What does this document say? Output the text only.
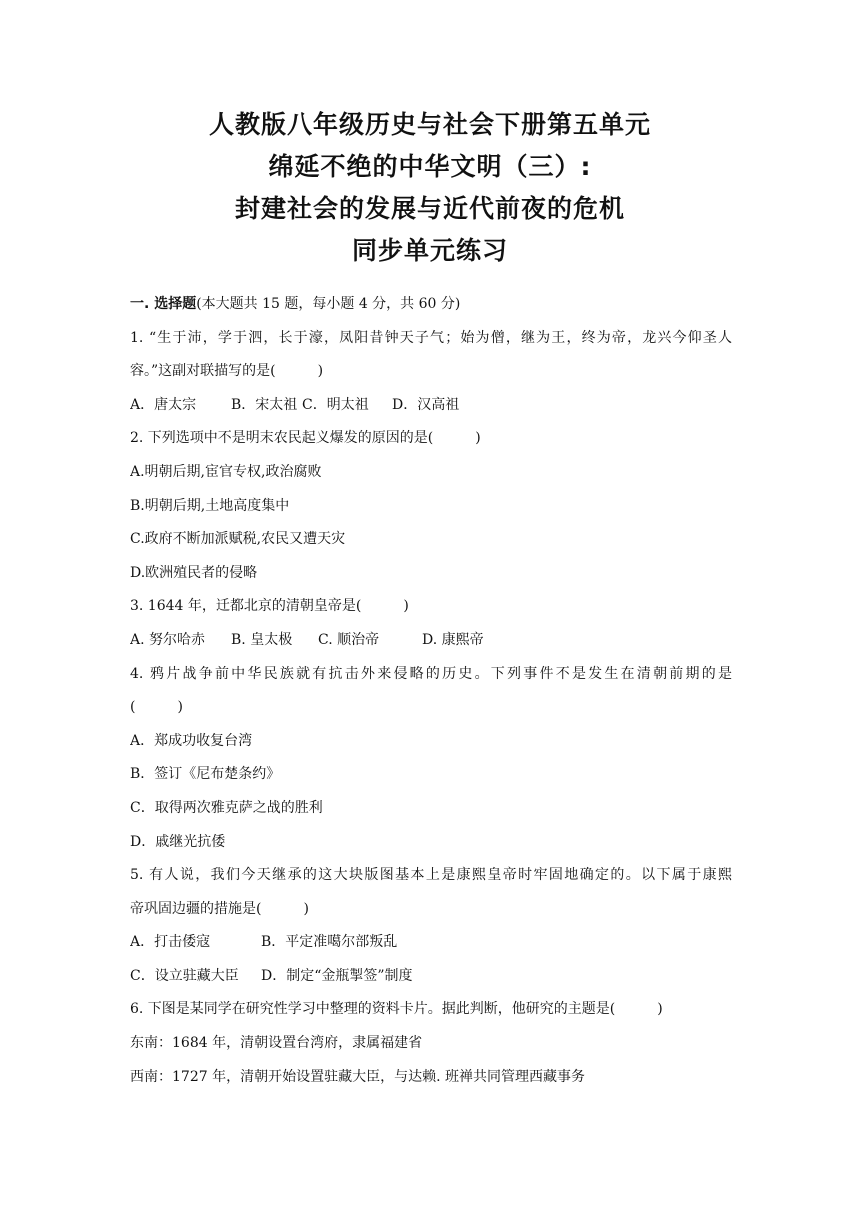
人教版八年级历史与社会下册第五单元
绵延不绝的中华文明（三）:
封建社会的发展与近代前夜的危机
同步单元练习
一. 选择题(本大题共 15 题，每小题 4 分，共 60 分)
1. “生于沛，学于泗，长于濠，凤阳昔钟天子气；始为僧，继为王，终为帝，龙兴今仰圣人
容。”这副对联描写的是(　　　)
A．唐太宗 B．宋太祖 C．明太祖 D．汉高祖
2. 下列选项中不是明末农民起义爆发的原因的是(　　　)
A.明朝后期,宦官专权,政治腐败
B.明朝后期,土地高度集中
C.政府不断加派赋税,农民又遭天灾
D.欧洲殖民者的侵略
3. 1644 年，迁都北京的清朝皇帝是(　　　)
A. 努尔哈赤 B. 皇太极 C. 顺治帝	D. 康熙帝
4. 鸦片战争前中华民族就有抗击外来侵略的历史。下列事件不是发生在清朝前期的是
(　　　)
A．郑成功收复台湾
B．签订《尼布楚条约》
C．取得两次雅克萨之战的胜利
D．戚继光抗倭
5. 有人说，我们今天继承的这大块版图基本上是康熙皇帝时牢固地确定的。以下属于康熙
帝巩固边疆的措施是(　　　)
A．打击倭寇	B．平定准噶尔部叛乱
C．设立驻藏大臣 D．制定“金瓶掣签”制度
6. 下图是某同学在研究性学习中整理的资料卡片。据此判断，他研究的主题是(　　　)
东南：1684 年，清朝设置台湾府，隶属福建省
西南：1727 年，清朝开始设置驻藏大臣，与达赖. 班禅共同管理西藏事务
